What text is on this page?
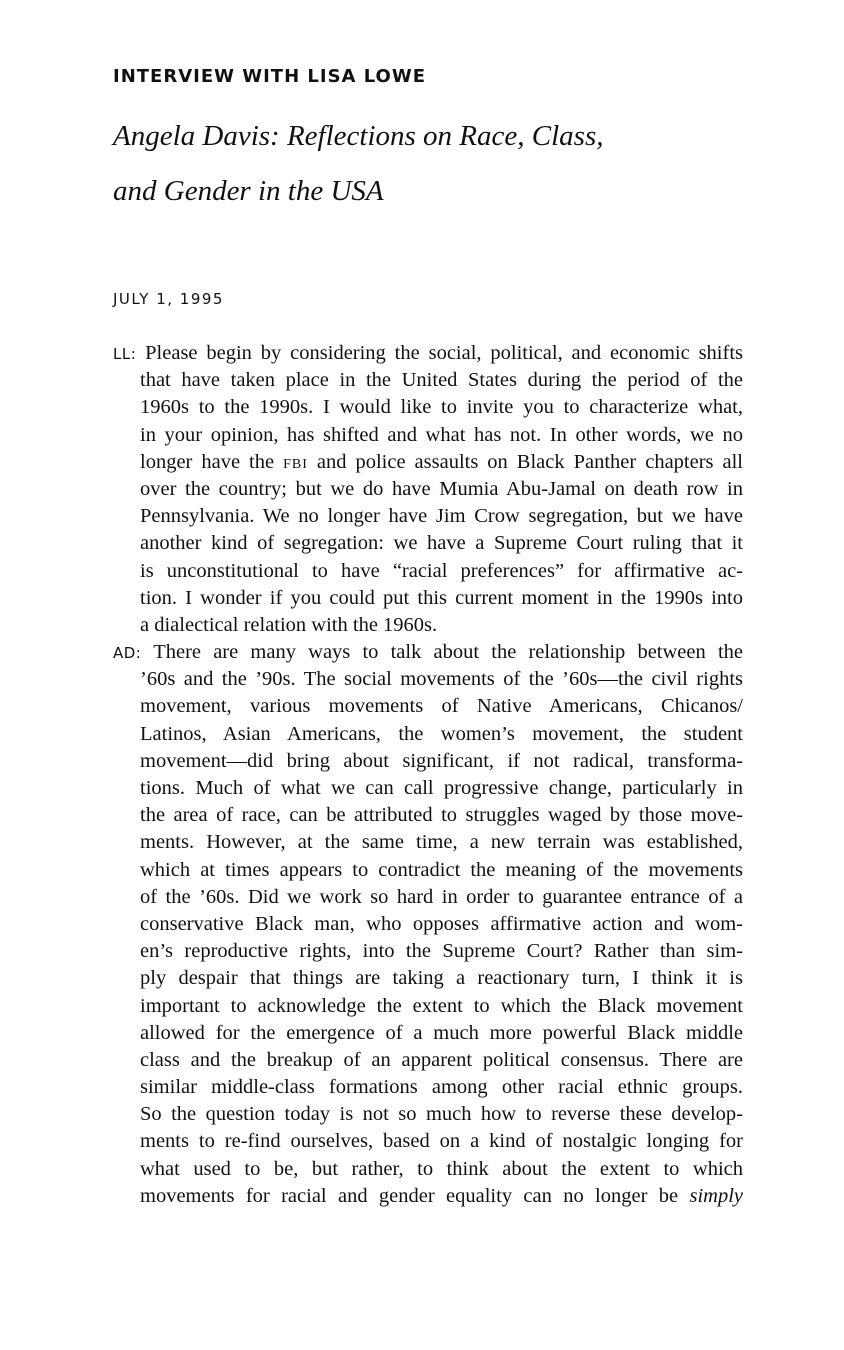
INTERVIEW WITH LISA LOWE
Angela Davis: Reflections on Race, Class,
and Gender in the USA
JULY 1, 1995
LL: Please begin by considering the social, political, and economic shifts
that have taken place in the United States during the period of the
1960s to the 1990s. I would like to invite you to characterize what,
in your opinion, has shifted and what has not. In other words, we no
longer have the FBI and police assaults on Black Panther chapters all
over the country; but we do have Mumia Abu-Jamal on death row in
Pennsylvania. We no longer have Jim Crow segregation, but we have
another kind of segregation: we have a Supreme Court ruling that it
is unconstitutional to have “racial preferences” for affirmative ac-
tion. I wonder if you could put this current moment in the 1990s into
a dialectical relation with the 1960s.
AD: There are many ways to talk about the relationship between the
’60s and the ’90s. The social movements of the ’60s—the civil rights
movement, various movements of Native Americans, Chicanos/
Latinos, Asian Americans, the women’s movement, the student
movement—did bring about significant, if not radical, transforma-
tions. Much of what we can call progressive change, particularly in
the area of race, can be attributed to struggles waged by those move-
ments. However, at the same time, a new terrain was established,
which at times appears to contradict the meaning of the movements
of the ’60s. Did we work so hard in order to guarantee entrance of a
conservative Black man, who opposes affirmative action and wom-
en’s reproductive rights, into the Supreme Court? Rather than sim-
ply despair that things are taking a reactionary turn, I think it is
important to acknowledge the extent to which the Black movement
allowed for the emergence of a much more powerful Black middle
class and the breakup of an apparent political consensus. There are
similar middle-class formations among other racial ethnic groups.
So the question today is not so much how to reverse these develop-
ments to re-find ourselves, based on a kind of nostalgic longing for
what used to be, but rather, to think about the extent to which
movements for racial and gender equality can no longer be simply
